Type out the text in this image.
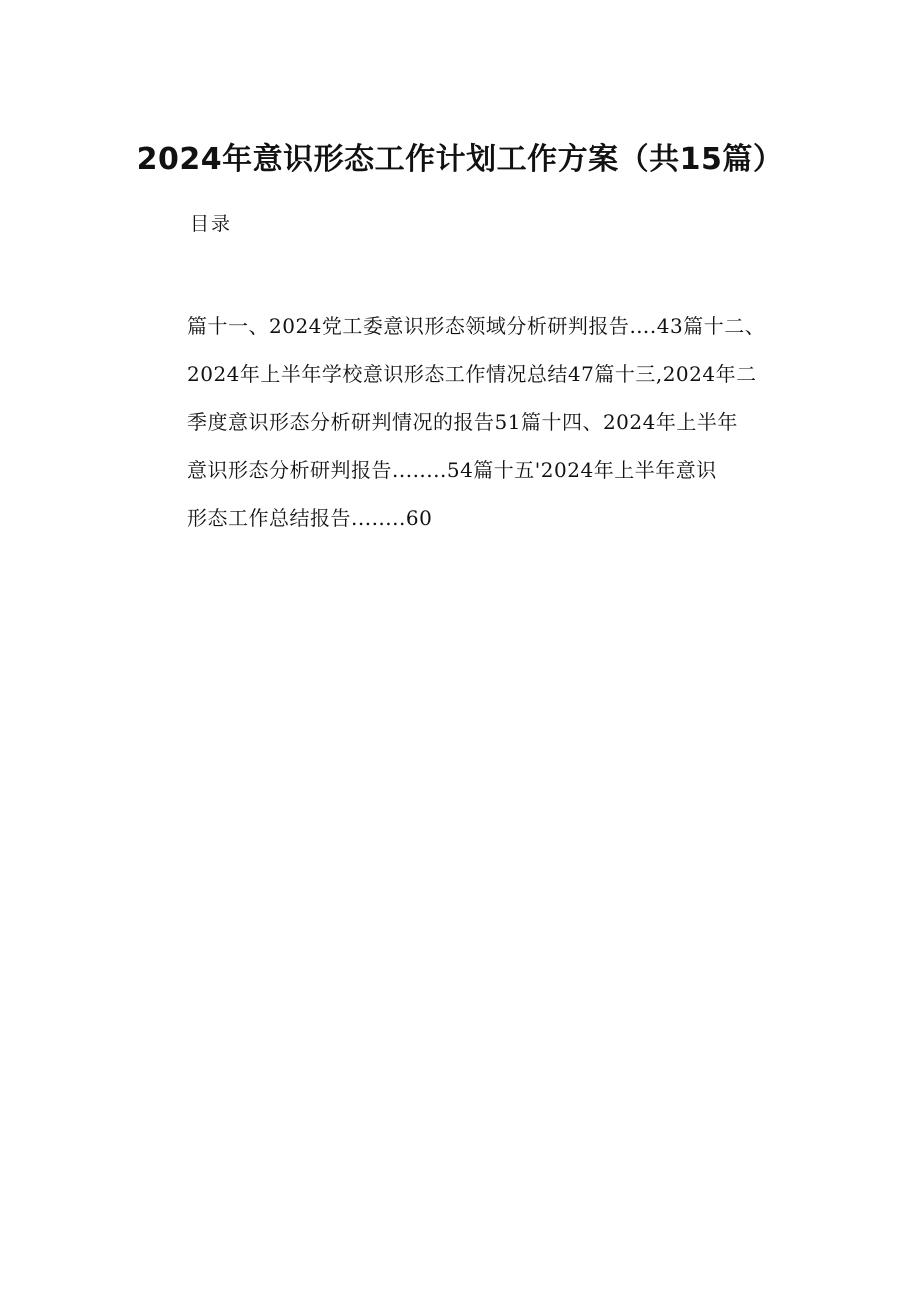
2024年意识形态工作计划工作方案（共15篇）
目录
篇十一、2024党工委意识形态领域分析研判报告….43篇十二、
2024年上半年学校意识形态工作情况总结47篇十三,2024年二
季度意识形态分析研判情况的报告51篇十四、2024年上半年
意识形态分析研判报告........54篇十五'2024年上半年意识
形态工作总结报告........60
